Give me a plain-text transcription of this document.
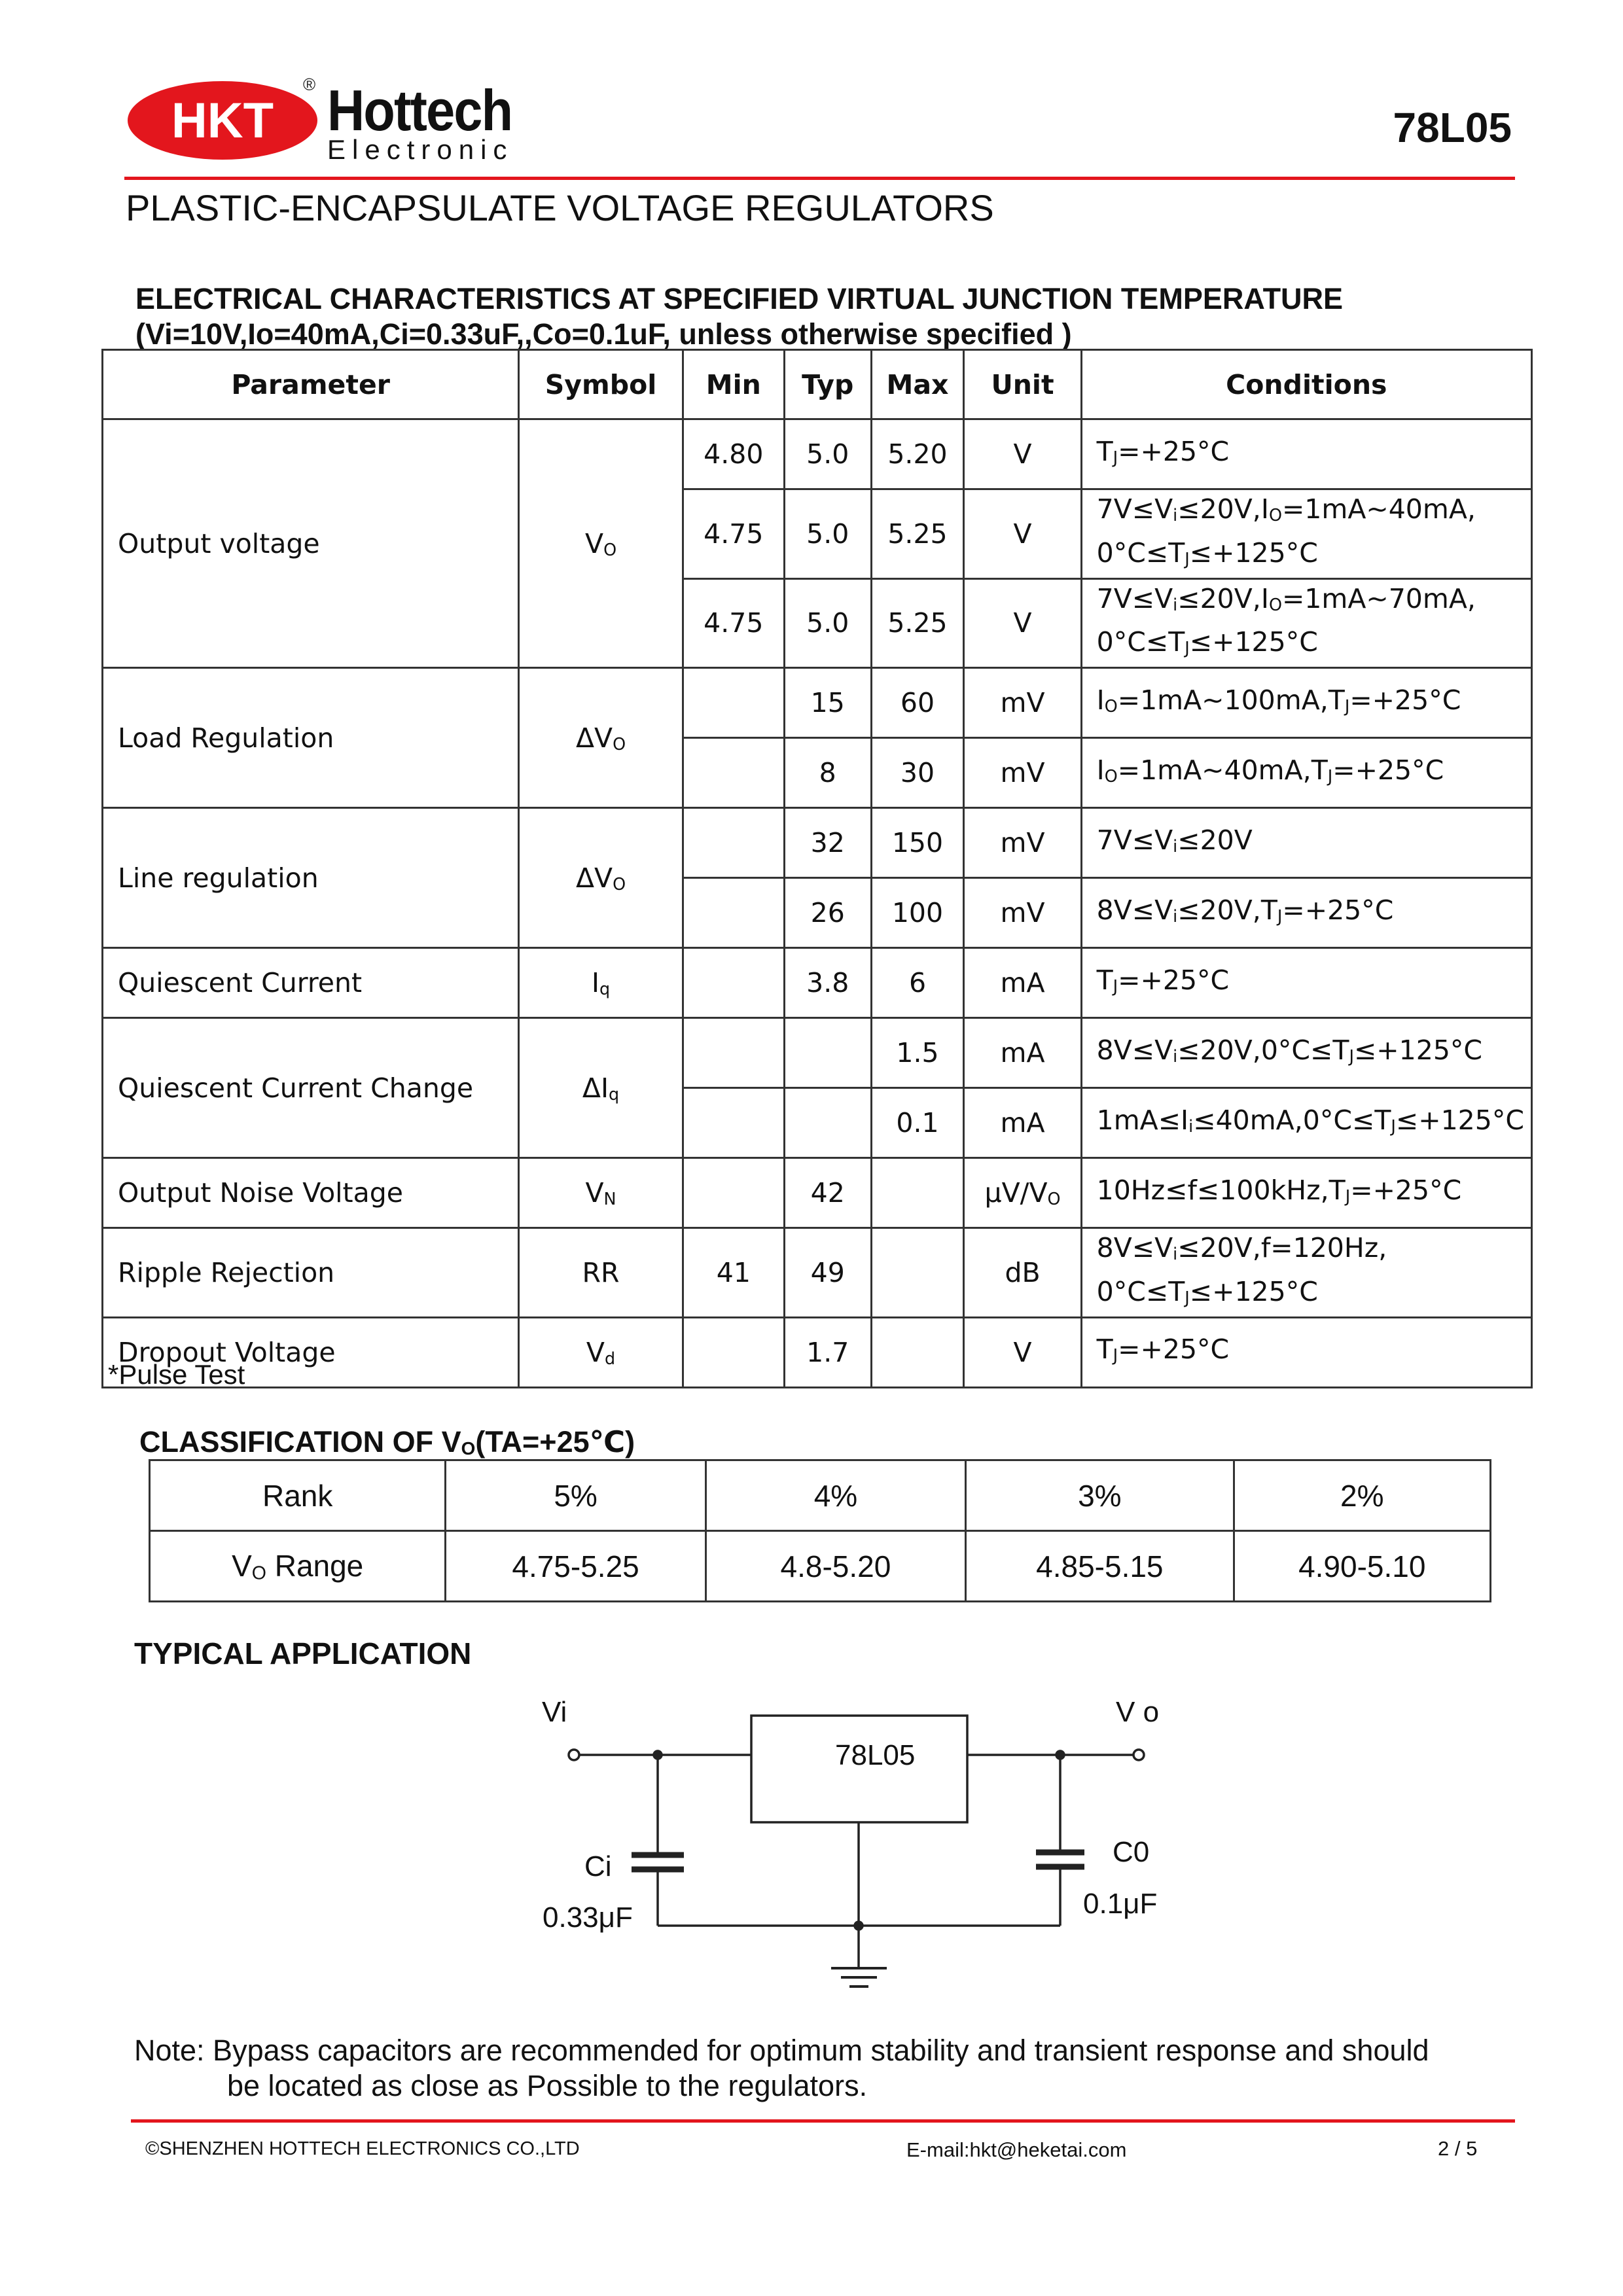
HKT
® Hottech
Electronic	78L05
PLASTIC-ENCAPSULATE VOLTAGE REGULATORS
ELECTRICAL CHARACTERISTICS AT SPECIFIED VIRTUAL JUNCTION TEMPERATURE
(Vi=10V,Io=40mA,Ci=0.33uF,,Co=0.1uF, unless otherwise specified )
Parameter	Symbol	Min	Typ	Max	Unit	Conditions
Output voltage	$V_O$	4.80	5.0	5.20	V	$T_J=+25^\circ C$
		4.75	5.0	5.25	V	$7V\le V_i\le 20V,I_O=1mA\sim 40mA$, $0^\circ C\le T_J\le+125^\circ C$
		4.75	5.0	5.25	V	$7V\le V_i\le 20V,I_O=1mA\sim 70mA$, $0^\circ C\le T_J\le+125^\circ C$
Load Regulation	$\Delta V_O$		15	60	mV	$I_O=1mA\sim 100mA,T_J=+25^\circ C$
			8	30	mV	$I_O=1mA\sim 40mA,T_J=+25^\circ C$
Line regulation	$\Delta V_O$		32	150	mV	$7V\le V_i\le 20V$
			26	100	mV	$8V\le V_i\le 20V,T_J=+25^\circ C$
Quiescent Current	$I_q$		3.8	6	mA	$T_J=+25^\circ C$
Quiescent Current Change	$\Delta I_q$			1.5	mA	$8V\le V_i\le 20V,0^\circ C\le T_J\le+125^\circ C$
				0.1	mA	$1mA\le I_i\le 40mA,0^\circ C\le T_J\le+125^\circ C$
Output Noise Voltage	$V_N$		42		$\mu V/V_O$	$10Hz\le f\le 100kHz,T_J=+25^\circ C$
Ripple Rejection	RR	41	49		dB	$8V\le V_i\le 20V,f=120Hz$, $0^\circ C\le T_J\le+125^\circ C$
Dropout Voltage	$V_d$		1.7		V	$T_J=+25^\circ C$
*Pulse Test
CLASSIFICATION OF $V_O(TA=+25℃)$
Rank	5%	4%	3%	2%
$V_O$ Range	4.75-5.25	4.8-5.20	4.85-5.15	4.90-5.10
TYPICAL APPLICATION
Vi	V o
78L05
Ci
0.33μF
C0
0.1μF
Note: Bypass capacitors are recommended for optimum stability and transient response and should
be located as close as Possible to the regulators.
©SHENZHEN HOTTECH ELECTRONICS CO.,LTD	E-mail:hkt@heketai.com	2 / 5
